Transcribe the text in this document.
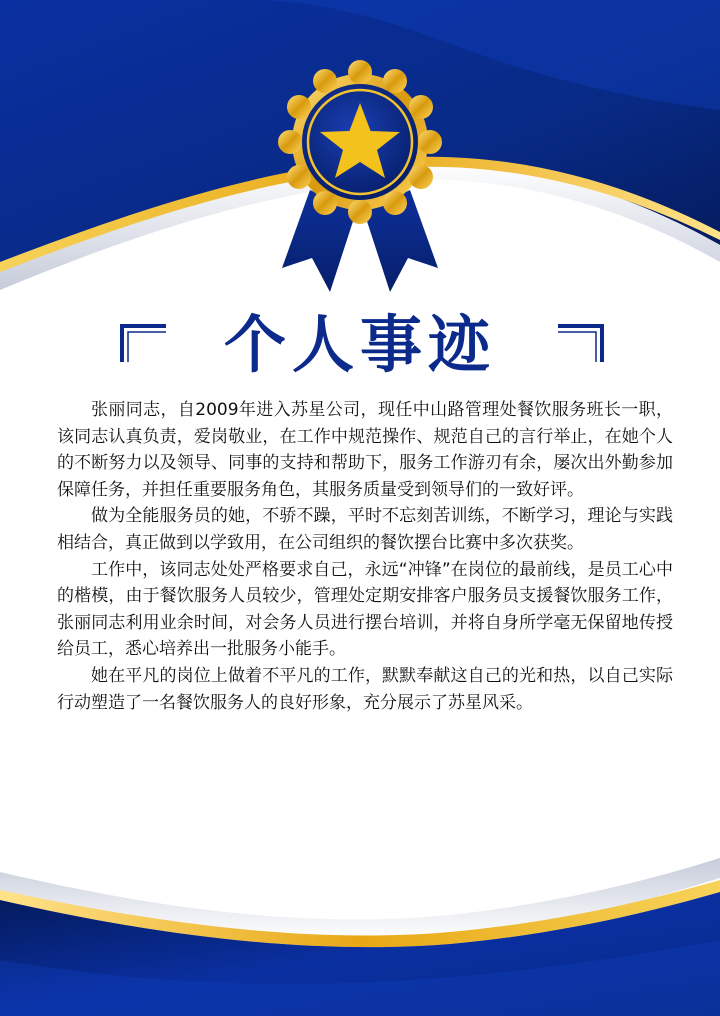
个人事迹

张丽同志，自2009年进入苏星公司，现任中山路管理处餐饮服务班长一职，该同志认真负责，爱岗敬业，在工作中规范操作、规范自己的言行举止，在她个人的不断努力以及领导、同事的支持和帮助下，服务工作游刃有余，屡次出外勤参加保障任务，并担任重要服务角色，其服务质量受到领导们的一致好评。

做为全能服务员的她，不骄不躁，平时不忘刻苦训练，不断学习，理论与实践相结合，真正做到以学致用，在公司组织的餐饮摆台比赛中多次获奖。

工作中，该同志处处严格要求自己，永远“冲锋”在岗位的最前线，是员工心中的楷模，由于餐饮服务人员较少，管理处定期安排客户服务员支援餐饮服务工作，张丽同志利用业余时间，对会务人员进行摆台培训，并将自身所学毫无保留地传授给员工，悉心培养出一批服务小能手。

她在平凡的岗位上做着不平凡的工作，默默奉献这自己的光和热，以自己实际行动塑造了一名餐饮服务人的良好形象，充分展示了苏星风采。
